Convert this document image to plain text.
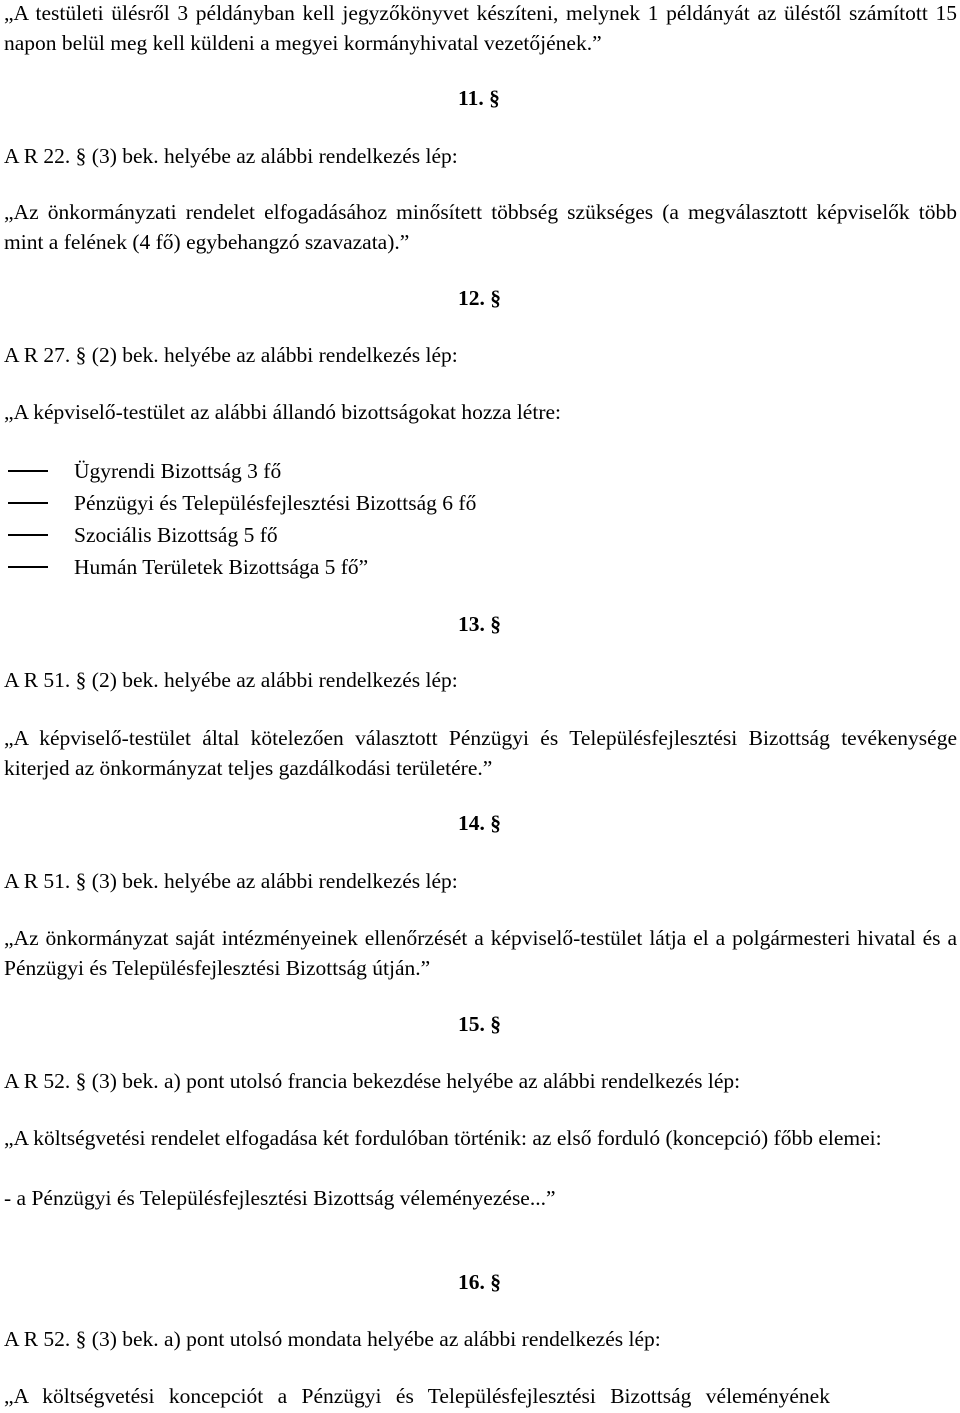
„A testületi ülésről 3 példányban kell jegyzőkönyvet készíteni, melynek 1 példányát az üléstől számított 15 napon belül meg kell küldeni a megyei kormányhivatal vezetőjének.”

11. §

A R 22. § (3) bek. helyébe az alábbi rendelkezés lép:

„Az önkormányzati rendelet elfogadásához minősített többség szükséges (a megválasztott képviselők több mint a felének (4 fő) egybehangzó szavazata).”

12. §

A R 27. § (2) bek. helyébe az alábbi rendelkezés lép:

„A képviselő-testület az alábbi állandó bizottságokat hozza létre:

Ügyrendi Bizottság 3 fő
Pénzügyi és Településfejlesztési Bizottság 6 fő
Szociális Bizottság 5 fő
Humán Területek Bizottsága 5 fő”

13. §

A R 51. § (2) bek. helyébe az alábbi rendelkezés lép:

„A képviselő-testület által kötelezően választott Pénzügyi és Településfejlesztési Bizottság tevékenysége kiterjed az önkormányzat teljes gazdálkodási területére.”

14. §

A R 51. § (3) bek. helyébe az alábbi rendelkezés lép:

„Az önkormányzat saját intézményeinek ellenőrzését a képviselő-testület látja el a polgármesteri hivatal és a Pénzügyi és Településfejlesztési Bizottság útján.”

15. §

A R 52. § (3) bek. a) pont utolsó francia bekezdése helyébe az alábbi rendelkezés lép:

„A költségvetési rendelet elfogadása két fordulóban történik: az első forduló (koncepció) főbb elemei:

- a Pénzügyi és Településfejlesztési Bizottság véleményezése...”

16. §

A R 52. § (3) bek. a) pont utolsó mondata helyébe az alábbi rendelkezés lép:

„A költségvetési koncepciót a Pénzügyi és Településfejlesztési Bizottság véleményének
